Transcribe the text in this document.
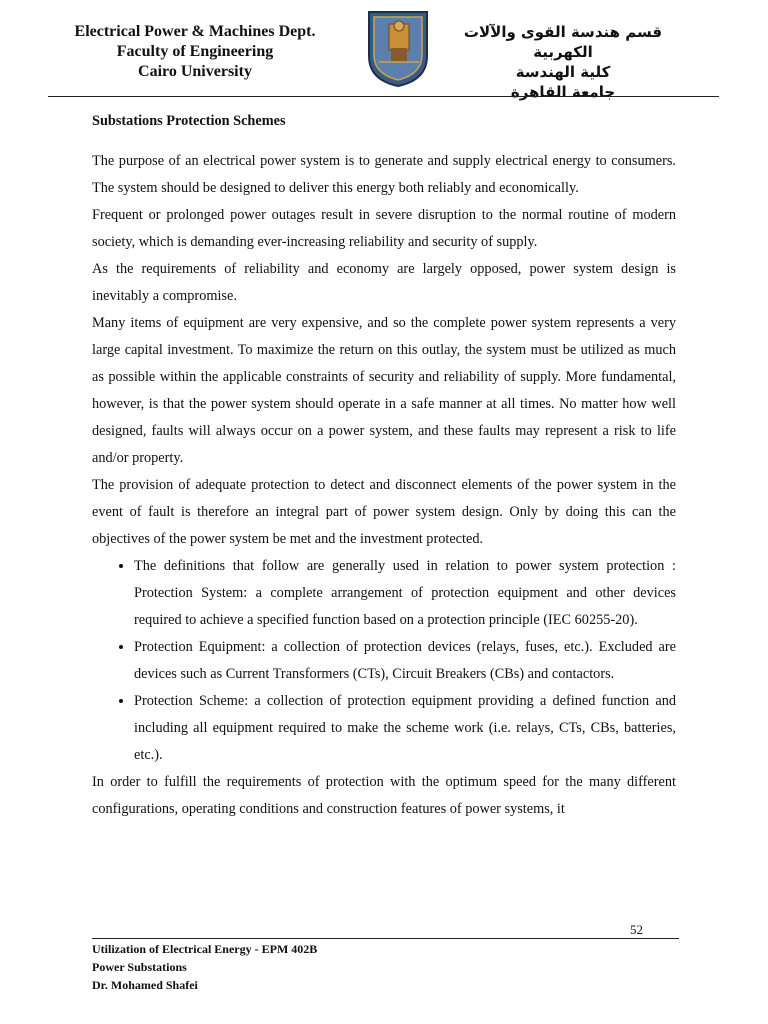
Electrical Power & Machines Dept.
Faculty of Engineering
Cairo University
قسم هندسة القوى والآلات الكهربية
كلية الهندسة
جامعة القاهرة
Substations Protection Schemes

The purpose of an electrical power system is to generate and supply electrical energy to consumers. The system should be designed to deliver this energy both reliably and economically.

Frequent or prolonged power outages result in severe disruption to the normal routine of modern society, which is demanding ever-increasing reliability and security of supply.

As the requirements of reliability and economy are largely opposed, power system design is inevitably a compromise.

Many items of equipment are very expensive, and so the complete power system represents a very large capital investment. To maximize the return on this outlay, the system must be utilized as much as possible within the applicable constraints of security and reliability of supply. More fundamental, however, is that the power system should operate in a safe manner at all times. No matter how well designed, faults will always occur on a power system, and these faults may represent a risk to life and/or property.

The provision of adequate protection to detect and disconnect elements of the power system in the event of fault is therefore an integral part of power system design. Only by doing this can the objectives of the power system be met and the investment protected.

• The definitions that follow are generally used in relation to power system protection : Protection System: a complete arrangement of protection equipment and other devices required to achieve a specified function based on a protection principle (IEC 60255-20).
• Protection Equipment: a collection of protection devices (relays, fuses, etc.). Excluded are devices such as Current Transformers (CTs), Circuit Breakers (CBs) and contactors.
• Protection Scheme: a collection of protection equipment providing a defined function and including all equipment required to make the scheme work (i.e. relays, CTs, CBs, batteries, etc.).

In order to fulfill the requirements of protection with the optimum speed for the many different configurations, operating conditions and construction features of power systems, it

52
Utilization of Electrical Energy - EPM 402B
Power Substations
Dr. Mohamed Shafei
